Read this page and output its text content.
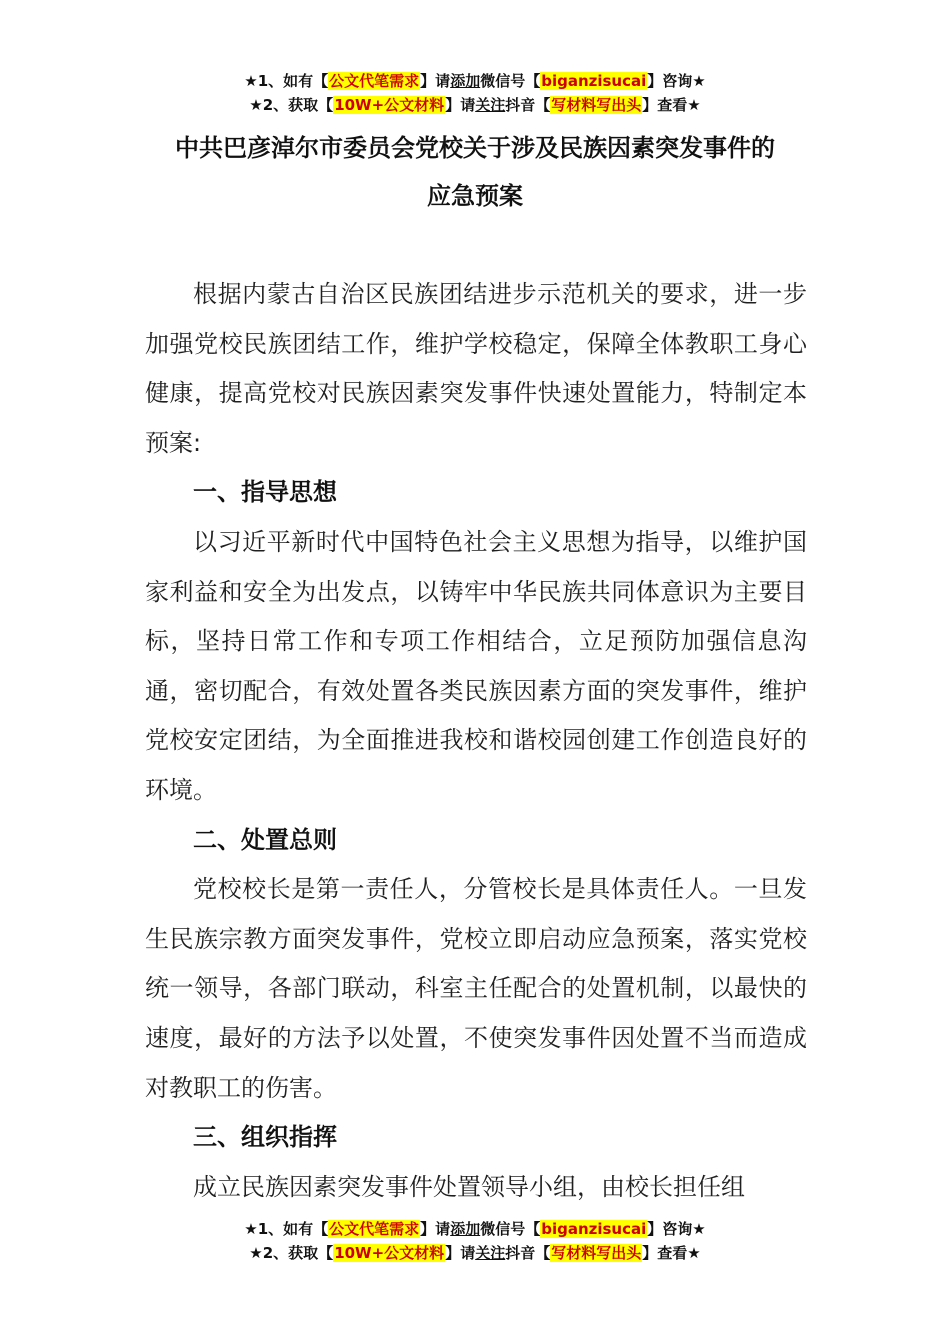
★1、如有【公文代笔需求】请添加微信号【biganzisucai】咨询★
★2、获取【10W+公文材料】请关注抖音【写材料写出头】查看★
中共巴彦淖尔市委员会党校关于涉及民族因素突发事件的
应急预案

根据内蒙古自治区民族团结进步示范机关的要求，进一步加强党校民族团结工作，维护学校稳定，保障全体教职工身心健康，提高党校对民族因素突发事件快速处置能力，特制定本预案:

一、指导思想

以习近平新时代中国特色社会主义思想为指导，以维护国家利益和安全为出发点，以铸牢中华民族共同体意识为主要目标，坚持日常工作和专项工作相结合，立足预防加强信息沟通，密切配合，有效处置各类民族因素方面的突发事件，维护党校安定团结，为全面推进我校和谐校园创建工作创造良好的环境。

二、处置总则

党校校长是第一责任人，分管校长是具体责任人。一旦发生民族宗教方面突发事件，党校立即启动应急预案，落实党校统一领导，各部门联动，科室主任配合的处置机制，以最快的速度，最好的方法予以处置，不使突发事件因处置不当而造成对教职工的伤害。

三、组织指挥

成立民族因素突发事件处置领导小组，由校长担任组

★1、如有【公文代笔需求】请添加微信号【biganzisucai】咨询★
★2、获取【10W+公文材料】请关注抖音【写材料写出头】查看★
